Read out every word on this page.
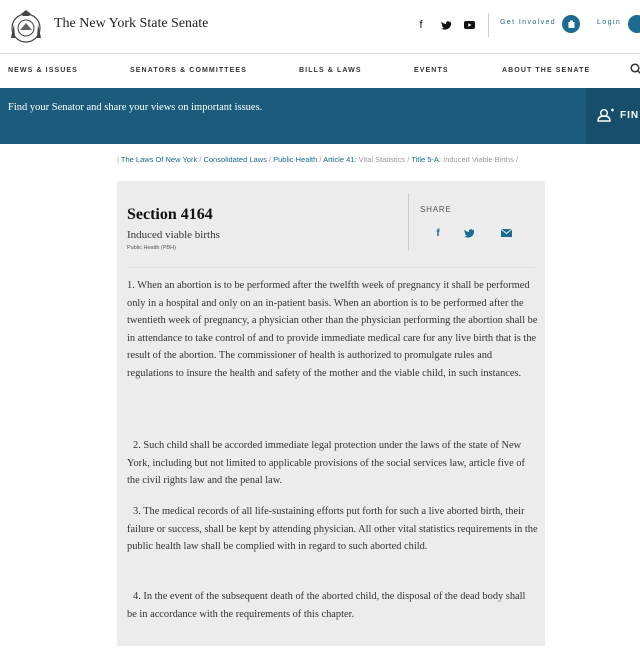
The New York State Senate	f	Get Involved	Login
NEWS & ISSUES	SENATORS & COMMITTEES	BILLS & LAWS	EVENTS	ABOUT THE SENATE
Find your Senator and share your views on important issues.
FIN
| The Laws Of New York / Consolidated Laws / Public Health / Article 41: Vital Statistics / Title 5-A: Induced Viable Births /
Section 4164
Induced viable births
Public Health (PBH)
SHARE
f
1. When an abortion is to be performed after the twelfth week of pregnancy it shall be performed only in a hospital and only on an in-patient basis. When an abortion is to be performed after the twentieth week of pregnancy, a physician other than the physician performing the abortion shall be in attendance to take control of and to provide immediate medical care for any live birth that is the result of the abortion. The commissioner of health is authorized to promulgate rules and regulations to insure the health and safety of the mother and the viable child, in such instances.
2. Such child shall be accorded immediate legal protection under the laws of the state of New York, including but not limited to applicable provisions of the social services law, article five of the civil rights law and the penal law.
3. The medical records of all life-sustaining efforts put forth for such a live aborted birth, their failure or success, shall be kept by attending physician. All other vital statistics requirements in the public health law shall be complied with in regard to such aborted child.
4. In the event of the subsequent death of the aborted child, the disposal of the dead body shall be in accordance with the requirements of this chapter.
